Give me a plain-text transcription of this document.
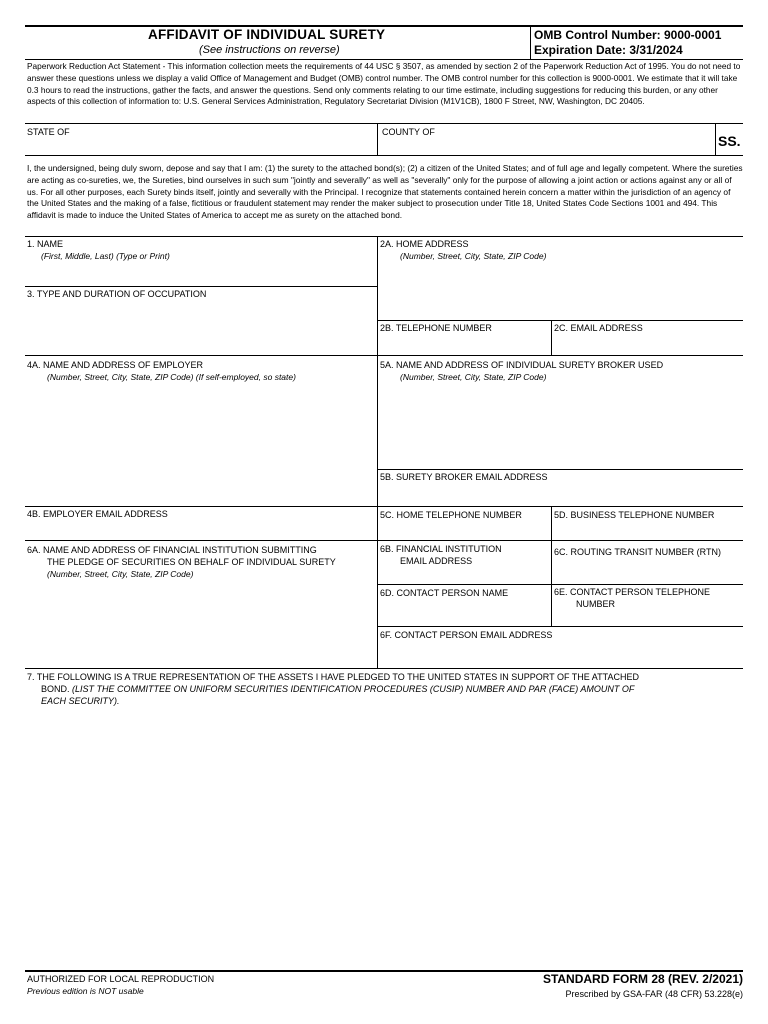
AFFIDAVIT OF INDIVIDUAL SURETY
(See instructions on reverse)
OMB Control Number: 9000-0001
Expiration Date: 3/31/2024
Paperwork Reduction Act Statement - This information collection meets the requirements of 44 USC § 3507, as amended by section 2 of the Paperwork Reduction Act of 1995. You do not need to answer these questions unless we display a valid Office of Management and Budget (OMB) control number. The OMB control number for this collection is 9000-0001. We estimate that it will take 0.3 hours to read the instructions, gather the facts, and answer the questions. Send only comments relating to our time estimate, including suggestions for reducing this burden, or any other aspects of this collection of information to: U.S. General Services Administration, Regulatory Secretariat Division (M1V1CB), 1800 F Street, NW, Washington, DC 20405.
STATE OF	COUNTY OF
SS.
I, the undersigned, being duly sworn, depose and say that I am: (1) the surety to the attached bond(s); (2) a citizen of the United States; and of full age and legally competent. Where the sureties are acting as co-sureties, we, the Sureties, bind ourselves in such sum "jointly and severally" as well as "severally" only for the purpose of allowing a joint action or actions against any or all of us. For all other purposes, each Surety binds itself, jointly and severally with the Principal. I recognize that statements contained herein concern a matter within the jurisdiction of an agency of the United States and the making of a false, fictitious or fraudulent statement may render the maker subject to prosecution under Title 18, United States Code Sections 1001 and 494. This affidavit is made to induce the United States of America to accept me as surety on the attached bond.
1. NAME
(First, Middle, Last) (Type or Print)
2A. HOME ADDRESS
(Number, Street, City, State, ZIP Code)
3. TYPE AND DURATION OF OCCUPATION
2B. TELEPHONE NUMBER	2C. EMAIL ADDRESS
4A. NAME AND ADDRESS OF EMPLOYER
(Number, Street, City, State, ZIP Code) (If self-employed, so state)
5A. NAME AND ADDRESS OF INDIVIDUAL SURETY BROKER USED
(Number, Street, City, State, ZIP Code)
5B. SURETY BROKER EMAIL ADDRESS
4B. EMPLOYER EMAIL ADDRESS	5C. HOME TELEPHONE NUMBER	5D. BUSINESS TELEPHONE NUMBER
6A. NAME AND ADDRESS OF FINANCIAL INSTITUTION SUBMITTING
THE PLEDGE OF SECURITIES ON BEHALF OF INDIVIDUAL SURETY
(Number, Street, City, State, ZIP Code)
6B. FINANCIAL INSTITUTION
EMAIL ADDRESS
6C. ROUTING TRANSIT NUMBER (RTN)
6D. CONTACT PERSON NAME	6E. CONTACT PERSON TELEPHONE
NUMBER
6F. CONTACT PERSON EMAIL ADDRESS
7. THE FOLLOWING IS A TRUE REPRESENTATION OF THE ASSETS I HAVE PLEDGED TO THE UNITED STATES IN SUPPORT OF THE ATTACHED
BOND. (LIST THE COMMITTEE ON UNIFORM SECURITIES IDENTIFICATION PROCEDURES (CUSIP) NUMBER AND PAR (FACE) AMOUNT OF
EACH SECURITY).
AUTHORIZED FOR LOCAL REPRODUCTION
Previous edition is NOT usable
STANDARD FORM 28 (REV. 2/2021)
Prescribed by GSA-FAR (48 CFR) 53.228(e)
